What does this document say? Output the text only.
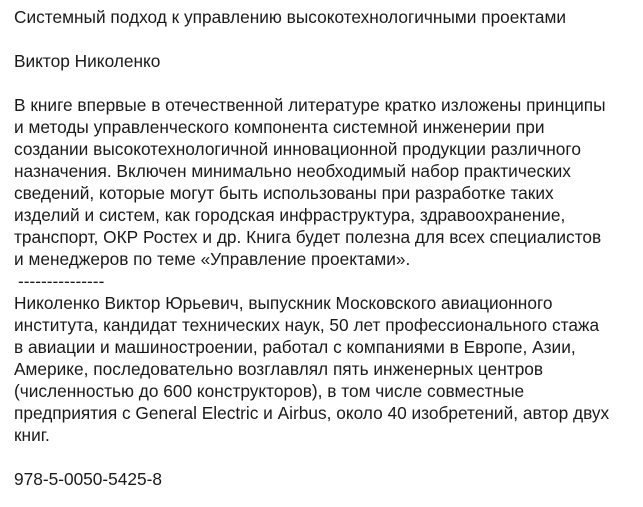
Системный подход к управлению высокотехнологичными проектами

Виктор Николенко

В книге впервые в отечественной литературе кратко изложены принципы

и методы управленческого компонента системной инженерии при

создании высокотехнологичной инновационной продукции различного

назначения. Включен минимально необходимый набор практических

сведений, которые могут быть использованы при разработке таких

изделий и систем, как городская инфраструктура, здравоохранение,

транспорт, ОКР Ростех и др. Книга будет полезна для всех специалистов

и менеджеров по теме «Управление проектами».

---------------

Николенко Виктор Юрьевич, выпускник Московского авиационного

института, кандидат технических наук, 50 лет профессионального стажа

в авиации и машиностроении, работал с компаниями в Европе, Азии,

Америке, последовательно возглавлял пять инженерных центров

(численностью до 600 конструкторов), в том числе совместные

предприятия с General Electric и Airbus, около 40 изобретений, автор двух

книг.

978-5-0050-5425-8
